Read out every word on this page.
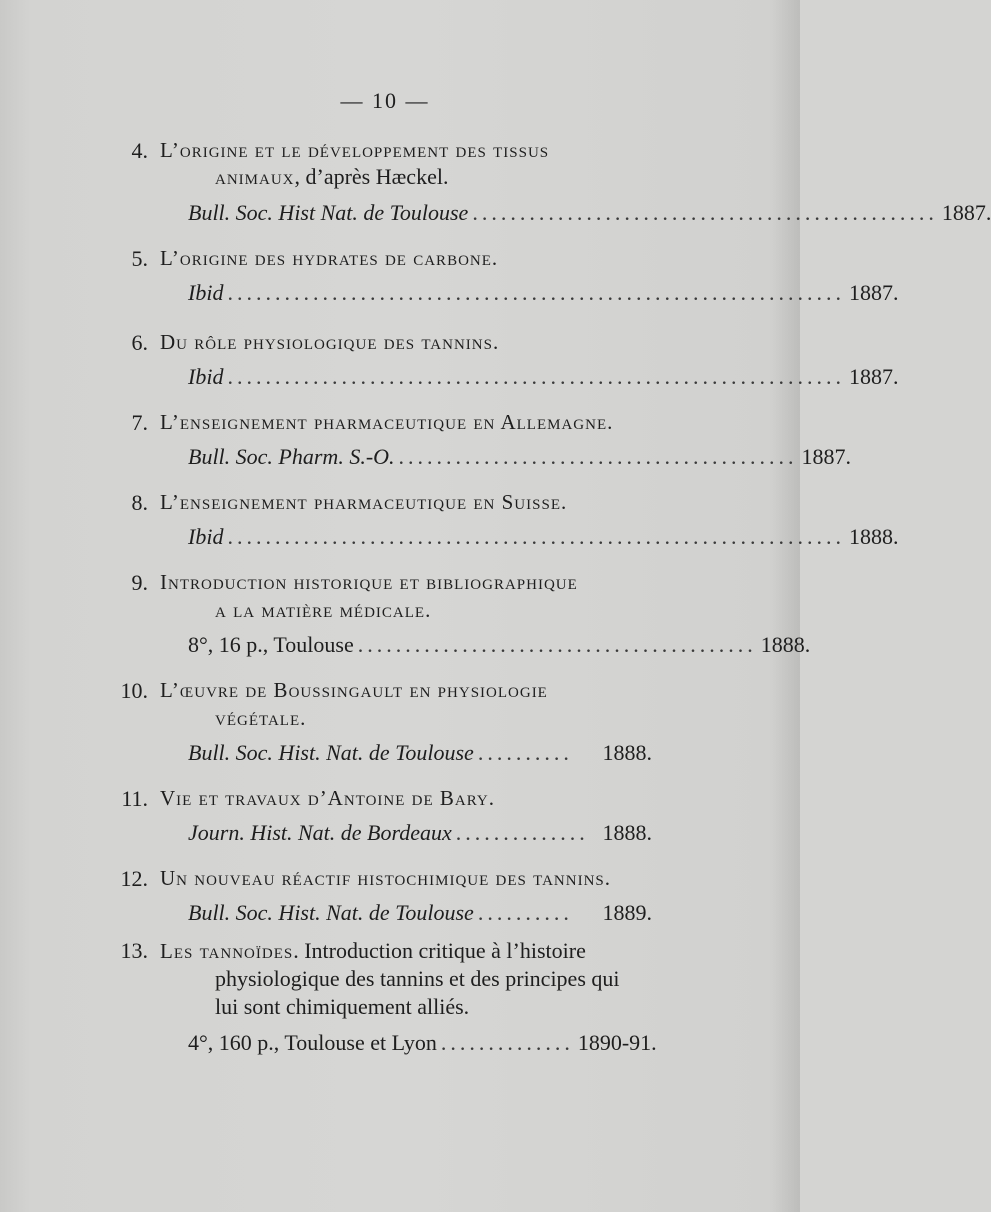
— 10 —
4. L’origine et le développement des tissus
animaux, d’après Hæckel.
Bull. Soc. Hist Nat. de Toulouse ................................................. 1887.
5. L’origine des hydrates de carbone.
Ibid ................................................................. 1887.
6. Du rôle physiologique des tannins.
Ibid ................................................................. 1887.
7. L’enseignement pharmaceutique en Allemagne.
Bull. Soc. Pharm. S.-O. .......................................... 1887.
8. L’enseignement pharmaceutique en Suisse.
Ibid ................................................................. 1888.
9. Introduction historique et bibliographique
a la matière médicale.
8°, 16 p., Toulouse .......................................... 1888.
10. L’œuvre de Boussingault en physiologie
végétale.
Bull. Soc. Hist. Nat. de Toulouse ..........	1888.
11. Vie et travaux d’Antoine de Bary.
Journ. Hist. Nat. de Bordeaux .............. 1888.
12. Un nouveau réactif histochimique des tannins.
Bull. Soc. Hist. Nat. de Toulouse ..........	1889.
13. Les tannoïdes. Introduction critique à l’histoire
physiologique des tannins et des principes qui
lui sont chimiquement alliés.
4°, 160 p., Toulouse et Lyon .............. 1890-91.
